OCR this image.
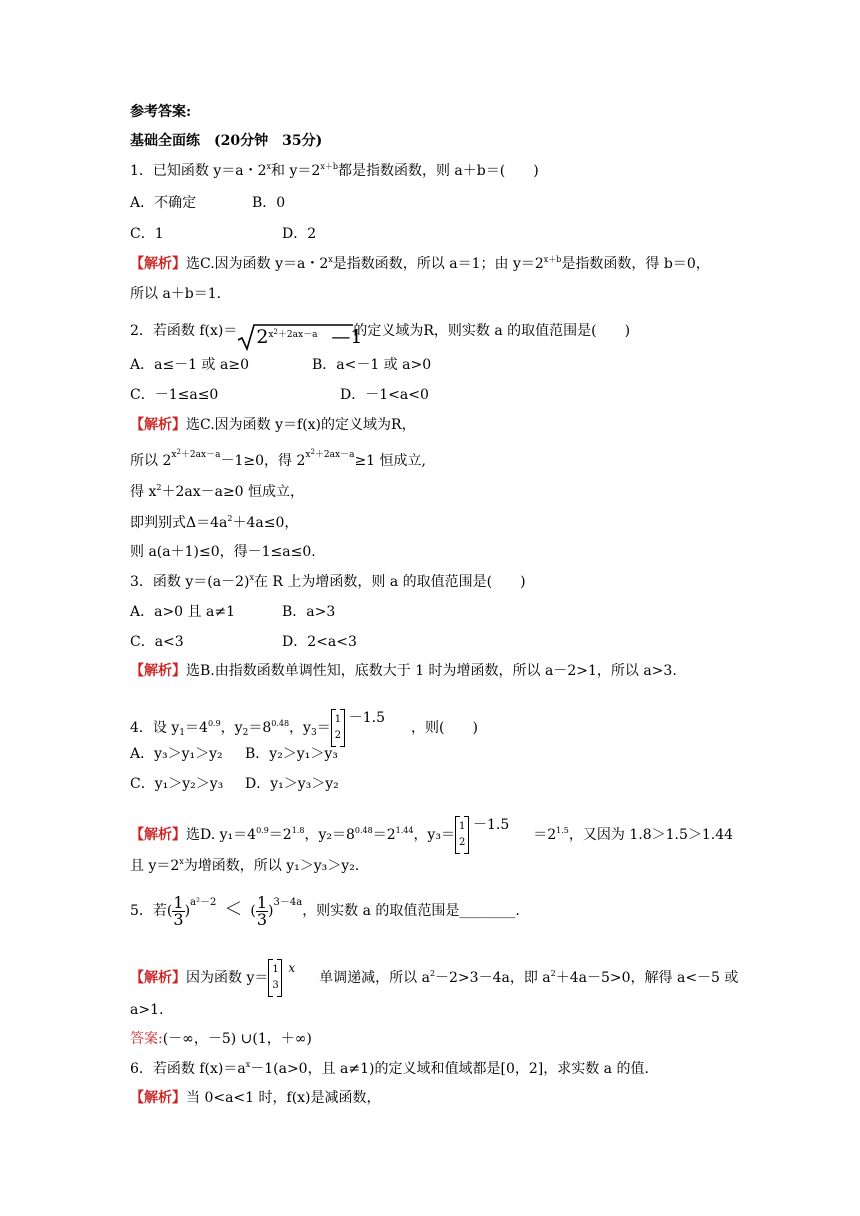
参考答案:
基础全面练　(20分钟　35分)
1．已知函数 y＝a・2$^x$和 $y=2^{x+b}$都是指数函数，则 a＋b＝(　　)
A．不确定	B．0
C．1	D．2
【解析】选C.因为函数 y＝a・2$^x$是指数函数，所以 a＝1；由 $y=2^{x+b}$是指数函数，得 b＝0，
所以 a＋b＝1.
2．若函数 f(x)＝ 2 $x^2+2ax-a$ —1
的定义域为R，则实数 a 的取值范围是(　　)
A．a≤－1 或 a≥0	B．a<－1 或 a>0
C．－1≤a≤0	D．－1<a<0
【解析】选C.因为函数 y＝f(x)的定义域为R，
所以 $2^{x^2+2ax-a}-1\ge 0$，得 $2^{x^2+2ax-a}\ge 1$ 恒成立,
得 $x^2+2ax-a\ge 0$ 恒成立，
即判别式$\Delta=4a^2+4a\le 0$，
则 a(a＋1)≤0，得－1≤a≤0.
3．函数 $y=(a-2)^x$在 R 上为增函数，则 a 的取值范围是(　　)
A．a>0 且 a≠1	B．a>3
C．a<3	D．2<a<3
【解析】选B.由指数函数单调性知，底数大于 1 时为增函数，所以 a－2>1，所以 a>3.
4．设 $y_1=4^{0.9}$，$y_2=8^{0.48}$，$y_3=$
1
2
－1.5，则(　　)
A．y₃＞y₁＞y₂ B．y₂＞y₁＞y₃
C．y₁＞y₂＞y₃ D．y₁＞y₃＞y₂
【解析】选D. $y_1=4^{0.9}=2^{1.8}$，$y_2=8^{0.48}=2^{1.44}$，y₃＝
1
2
$-1.5=2^{1.5}$，又因为 1.8＞1.5＞1.44
且 $y=2^x$为增函数，所以 y₁＞y₃＞y₂.
5．若( $\frac{1}{3} )^{a^2-2}$ ＜ ( $\frac{1}{3} )^{3-4a}$，则实数 a 的取值范围是________.
【解析】因为函数 y＝
1
3
x单调递减，所以 $a^2-2>3-4a$，即 $a^2+4a-5>0$，解得 a<－5 或
a>1.
答案:(－∞，－5) ∪(1，＋∞)
6．若函数 $f(x)=a^x-1(a>0$，且 a≠1)的定义域和值域都是[0，2]，求实数 a 的值.
【解析】当 0<a<1 时，f(x)是减函数，
